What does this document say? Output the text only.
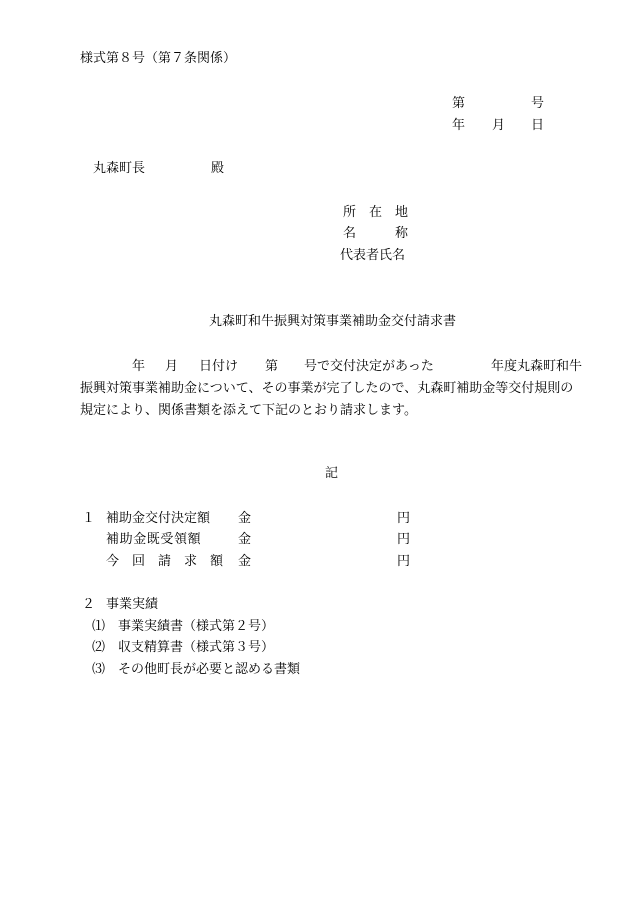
様式第８号（第７条関係）
第	号
年 月 日
丸森町長	殿
所　在　地
名　　　称
代表者氏名
丸森町和牛振興対策事業補助金交付請求書
年 月 日付け 第 号で交付決定があった	年度丸森町和牛
振興対策事業補助金について、その事業が完了したので、丸森町補助金等交付規則の
規定により、関係書類を添えて下記のとおり請求します。
記
１ 補助金交付決定額 金	円
補助金既受領額	金	円
今　回　請　求　額 金	円
２ 事業実績
⑴ 事業実績書（様式第２号）
⑵ 収支精算書（様式第３号）
⑶ その他町長が必要と認める書類
